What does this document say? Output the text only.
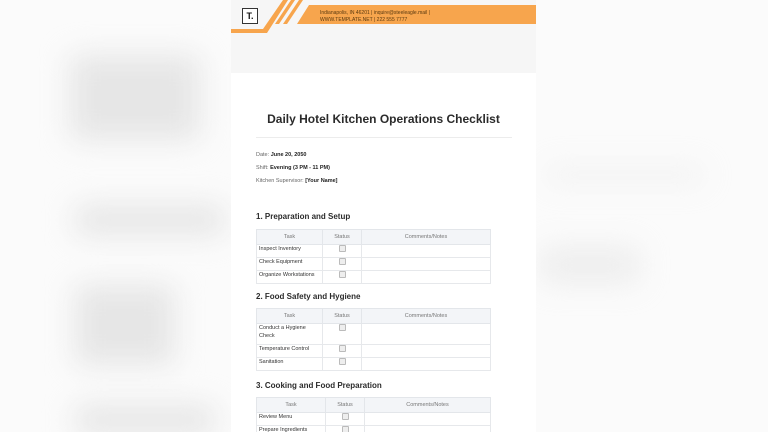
T.	Indianapolis, IN 46201 | inquire@steeleagle.mail |
WWW.TEMPLATE.NET | 222 555 7777
Daily Hotel Kitchen Operations Checklist
Date: June 20, 2050
Shift: Evening (3 PM - 11 PM)
Kitchen Supervisor: [Your Name]
1. Preparation and Setup
Task	Status	Comments/Notes
Inspect Inventory		
Check Equipment		
Organize Workstations		
2. Food Safety and Hygiene
Task	Status	Comments/Notes
Conduct a Hygiene Check		
Temperature Control		
Sanitation		
3. Cooking and Food Preparation
Task	Status	Comments/Notes
Review Menu		
Prepare Ingredients		
